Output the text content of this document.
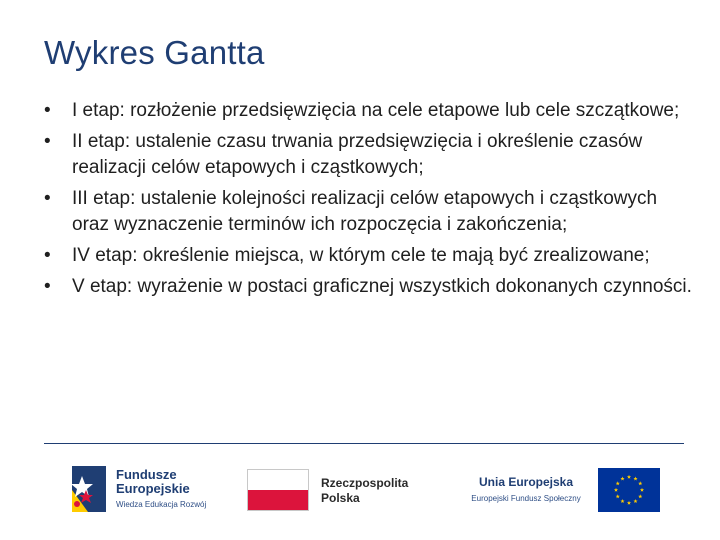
Wykres Gantta
• I etap: rozłożenie przedsięwzięcia na cele etapowe lub cele szczątkowe;
• II etap: ustalenie czasu trwania przedsięwzięcia i określenie czasów realizacji celów etapowych i cząstkowych;
• III etap: ustalenie kolejności realizacji celów etapowych i cząstkowych oraz wyznaczenie terminów ich rozpoczęcia i zakończenia;
• IV etap: określenie miejsca, w którym cele te mają być zrealizowane;
• V etap: wyrażenie w postaci graficznej wszystkich dokonanych czynności.
Fundusze
Europejskie
Wiedza Edukacja Rozwój
Rzeczpospolita
Polska
Unia Europejska
Europejski Fundusz Społeczny
